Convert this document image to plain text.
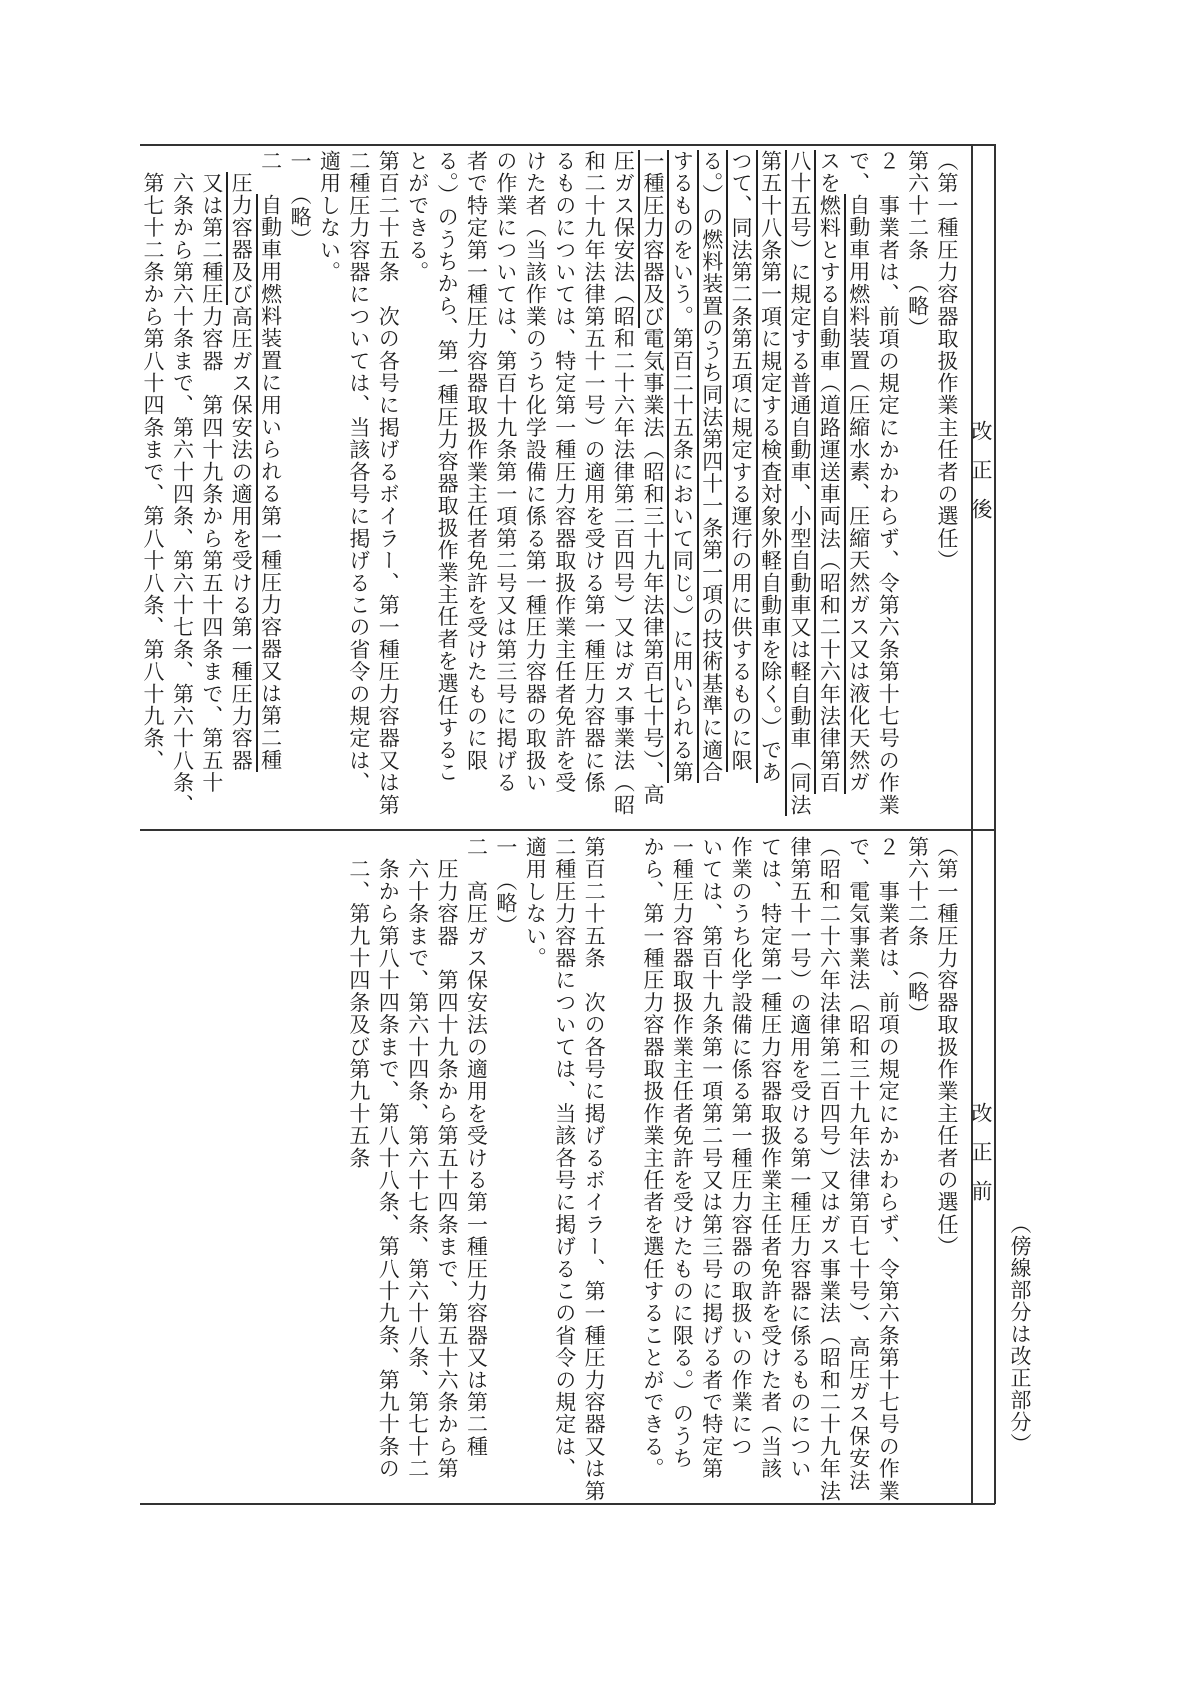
（傍線部分は改正部分）
改正後
改正前
（第一種圧力容器取扱作業主任者の選任）
第六十二条　（略）
２　事業者は、前項の規定にかかわらず、令第六条第十七号の作業
で、自動車用燃料装置（圧縮水素、圧縮天然ガス又は液化天然ガ
スを燃料とする自動車（道路運送車両法（昭和二十六年法律第百
八十五号）に規定する普通自動車、小型自動車又は軽自動車（同法
第五十八条第一項に規定する検査対象外軽自動車を除く。）であ
つて、同法第二条第五項に規定する運行の用に供するものに限
る。）の燃料装置のうち同法第四十一条第一項の技術基準に適合
するものをいう。第百二十五条において同じ。）に用いられる第
一種圧力容器及び電気事業法（昭和三十九年法律第百七十号）、高
圧ガス保安法（昭和二十六年法律第二百四号）又はガス事業法（昭
和二十九年法律第五十一号）の適用を受ける第一種圧力容器に係
るものについては、特定第一種圧力容器取扱作業主任者免許を受
けた者（当該作業のうち化学設備に係る第一種圧力容器の取扱い
の作業については、第百十九条第一項第二号又は第三号に掲げる
者で特定第一種圧力容器取扱作業主任者免許を受けたものに限
る。）のうちから、第一種圧力容器取扱作業主任者を選任するこ
とができる。
第百二十五条　次の各号に掲げるボイラー、第一種圧力容器又は第
二種圧力容器については、当該各号に掲げるこの省令の規定は、
適用しない。
一　（略）
二　自動車用燃料装置に用いられる第一種圧力容器又は第二種
　圧力容器及び高圧ガス保安法の適用を受ける第一種圧力容器
　又は第二種圧力容器　第四十九条から第五十四条まで、第五十
　六条から第六十条まで、第六十四条、第六十七条、第六十八条、
　第七十二条から第八十四条まで、第八十八条、第八十九条、

（第一種圧力容器取扱作業主任者の選任）
第六十二条　（略）
２　事業者は、前項の規定にかかわらず、令第六条第十七号の作業
で、電気事業法（昭和三十九年法律第百七十号）、高圧ガス保安法
（昭和二十六年法律第二百四号）又はガス事業法（昭和二十九年法
律第五十一号）の適用を受ける第一種圧力容器に係るものについ
ては、特定第一種圧力容器取扱作業主任者免許を受けた者（当該
作業のうち化学設備に係る第一種圧力容器の取扱いの作業につ
いては、第百十九条第一項第二号又は第三号に掲げる者で特定第
一種圧力容器取扱作業主任者免許を受けたものに限る。）のうち
から、第一種圧力容器取扱作業主任者を選任することができる。

第百二十五条　次の各号に掲げるボイラー、第一種圧力容器又は第
二種圧力容器については、当該各号に掲げるこの省令の規定は、
適用しない。
一　（略）
二　高圧ガス保安法の適用を受ける第一種圧力容器又は第二種
　圧力容器　第四十九条から第五十四条まで、第五十六条から第
　六十条まで、第六十四条、第六十七条、第六十八条、第七十二
　条から第八十四条まで、第八十八条、第八十九条、第九十条の
　二、第九十四条及び第九十五条
